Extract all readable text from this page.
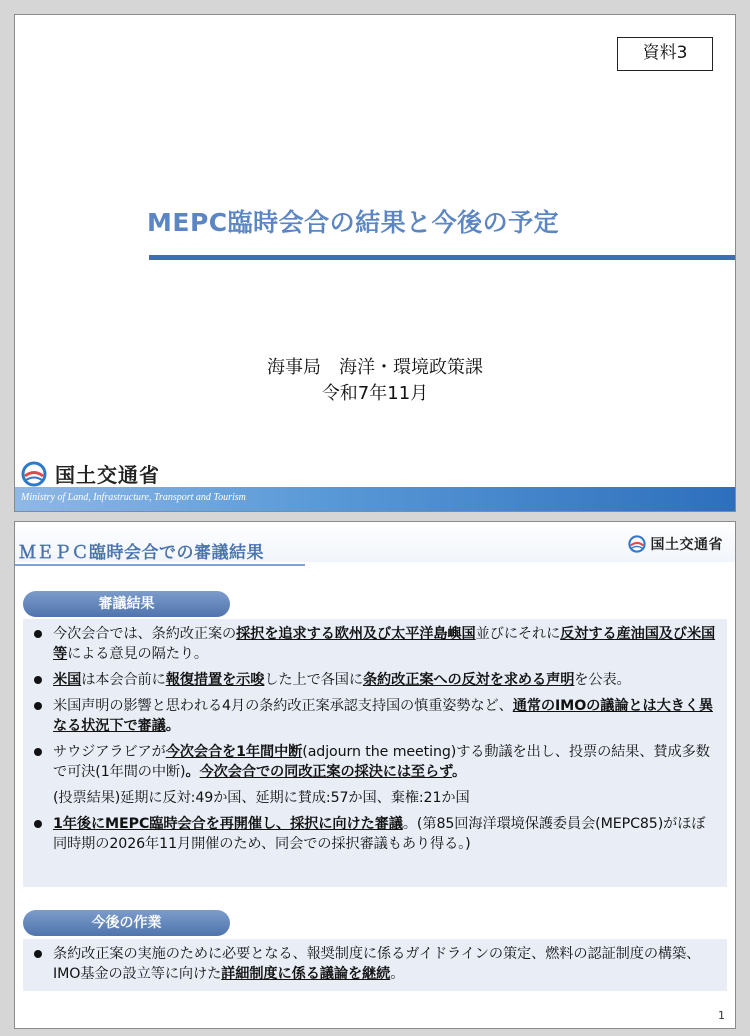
資料3
MEPC臨時会合の結果と今後の予定
海事局　海洋・環境政策課
令和7年11月
国土交通省
Ministry of Land, Infrastructure, Transport and Tourism
ＭＥＰＣ臨時会合での審議結果	国土交通省
審議結果
今次会合では、条約改正案の採択を追求する欧州及び太平洋島嶼国並びにそれに反対する産油国及び米国等による意見の隔たり。
米国は本会合前に報復措置を示唆した上で各国に条約改正案への反対を求める声明を公表。
米国声明の影響と思われる4月の条約改正案承認支持国の慎重姿勢など、通常のIMOの議論とは大きく異なる状況下で審議。
サウジアラビアが今次会合を1年間中断(adjourn the meeting)する動議を出し、投票の結果、賛成多数で可決(1年間の中断)。今次会合での同改正案の採決には至らず。
(投票結果)延期に反対:49か国、延期に賛成:57か国、棄権:21か国
1年後にMEPC臨時会合を再開催し、採択に向けた審議。(第85回海洋環境保護委員会(MEPC85)がほぼ同時期の2026年11月開催のため、同会での採択審議もあり得る。)
今後の作業
条約改正案の実施のために必要となる、報奨制度に係るガイドラインの策定、燃料の認証制度の構築、IMO基金の設立等に向けた詳細制度に係る議論を継続。
1
